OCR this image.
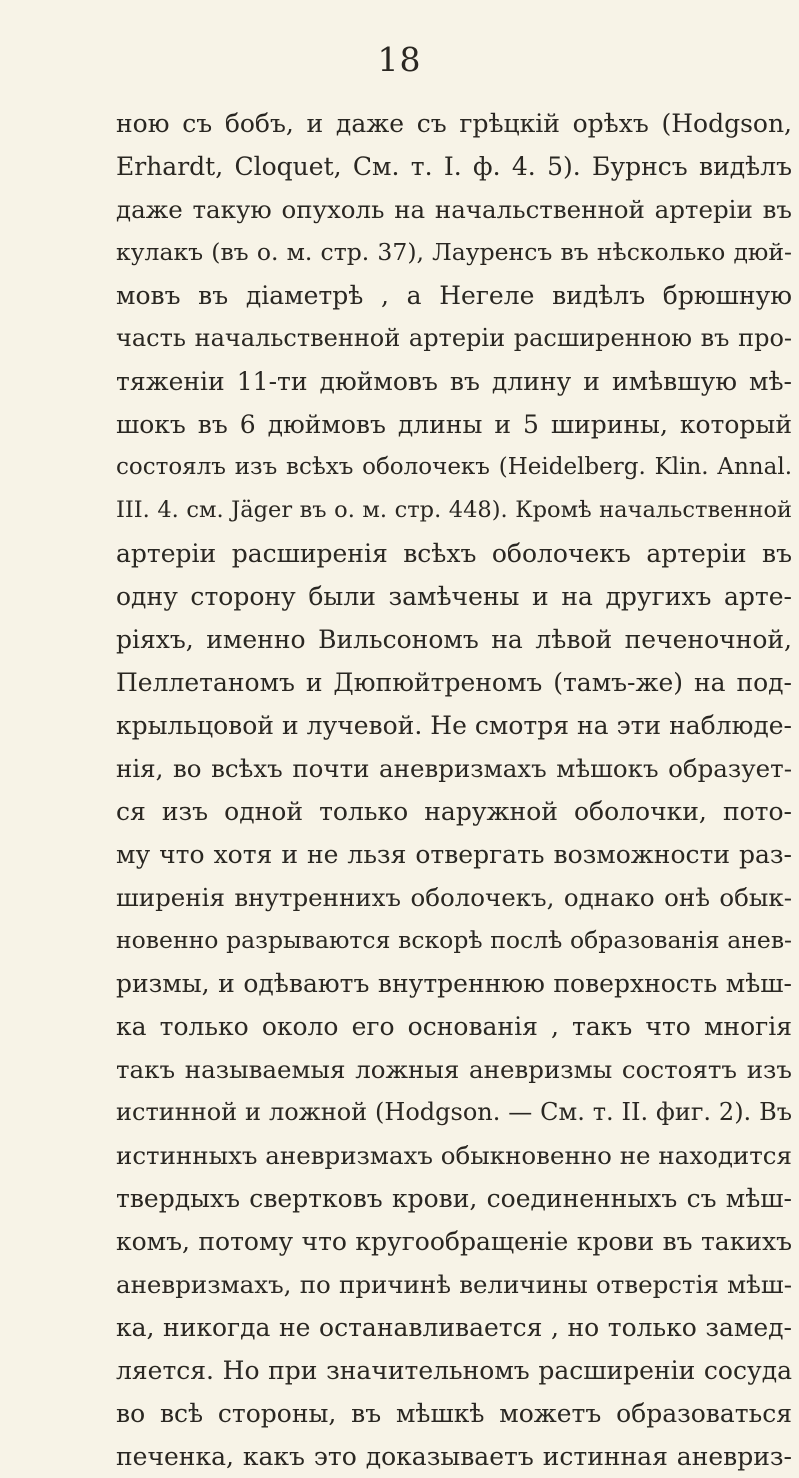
18
ною съ бобъ, и даже съ грѣцкій орѣхъ (Hodgson,
Erhardt, Cloquet, См. т. I. ф. 4. 5). Бурнсъ видѣлъ
даже такую опухоль на начальственной артеріи въ
кулакъ (въ о. м. стр. 37), Лауренсъ въ нѣсколько дюй-
мовъ въ діаметрѣ , а Негеле видѣлъ брюшную
часть начальственной артеріи расширенною въ про-
тяженіи 11-ти дюймовъ въ длину и имѣвшую мѣ-
шокъ въ 6 дюймовъ длины и 5 ширины, который
состоялъ изъ всѣхъ оболочекъ (Heidelberg. Klin. Annal.
III. 4. см. Jäger въ о. м. стр. 448). Кромѣ начальственной
артеріи расширенія всѣхъ оболочекъ артеріи въ
одну сторону были замѣчены и на другихъ арте-
ріяхъ, именно Вильсономъ на лѣвой печеночной,
Пеллетаномъ и Дюпюйтреномъ (тамъ-же) на под-
крыльцовой и лучевой. Не смотря на эти наблюде-
нія, во всѣхъ почти аневризмахъ мѣшокъ образует-
ся изъ одной только наружной оболочки, пото-
му что хотя и не льзя отвергать возможности раз-
ширенія внутреннихъ оболочекъ, однако онѣ обык-
новенно разрываются вскорѣ послѣ образованія анев-
ризмы, и одѣваютъ внутреннюю поверхность мѣш-
ка только около его основанія , такъ что многія
такъ называемыя ложныя аневризмы состоятъ изъ
истинной и ложной (Hodgson. — См. т. II. фиг. 2). Въ
истинныхъ аневризмахъ обыкновенно не находится
твердыхъ свертковъ крови, соединенныхъ съ мѣш-
комъ, потому что кругообращеніе крови въ такихъ
аневризмахъ, по причинѣ величины отверстія мѣш-
ка, никогда не останавливается , но только замед-
ляется. Но при значительномъ расширеніи сосуда
во всѣ стороны, въ мѣшкѣ можетъ образоваться
печенка, какъ это доказываетъ истинная аневриз-
